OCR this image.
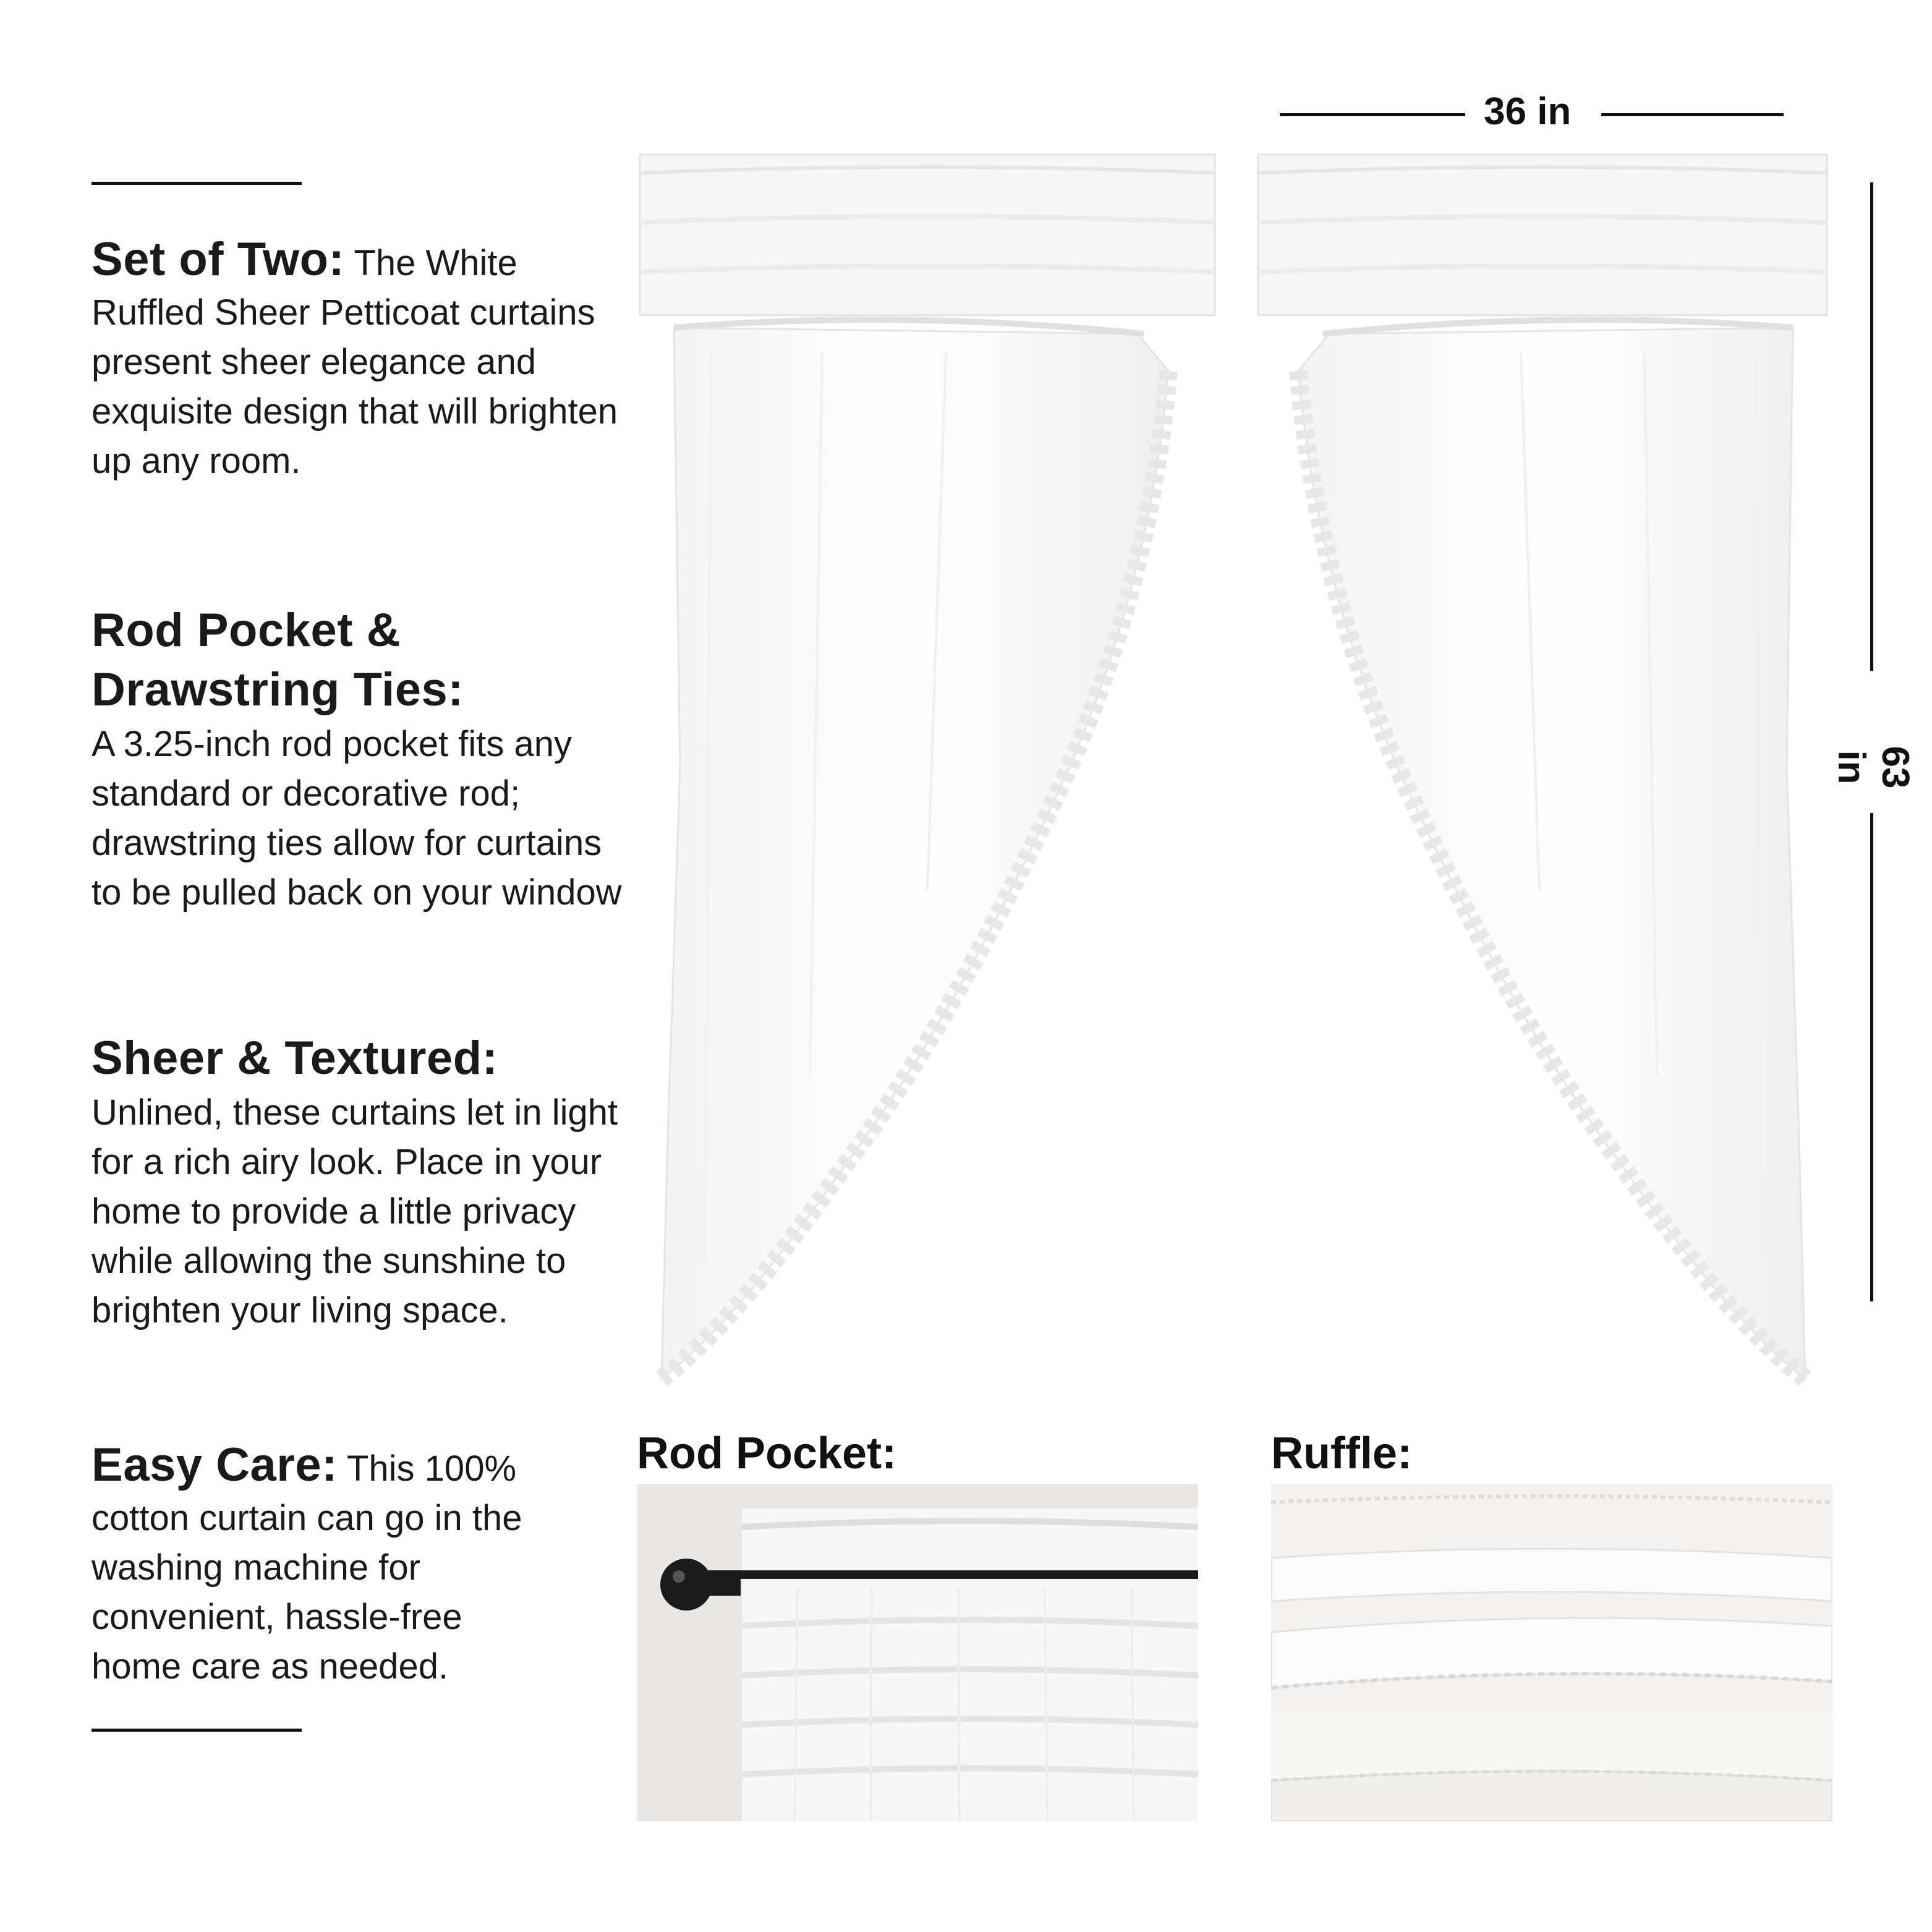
Set of Two: The White Ruffled Sheer Petticoat curtains present sheer elegance and exquisite design that will brighten up any room.
Rod Pocket & Drawstring Ties:
A 3.25-inch rod pocket fits any standard or decorative rod; drawstring ties allow for curtains to be pulled back on your window
Sheer & Textured:
Unlined, these curtains let in light for a rich airy look. Place in your home to provide a little privacy while allowing the sunshine to brighten your living space.
Easy Care: This 100% cotton curtain can go in the washing machine for convenient, hassle-free home care as needed.
36 in
63 in
Rod Pocket:	Ruffle:
